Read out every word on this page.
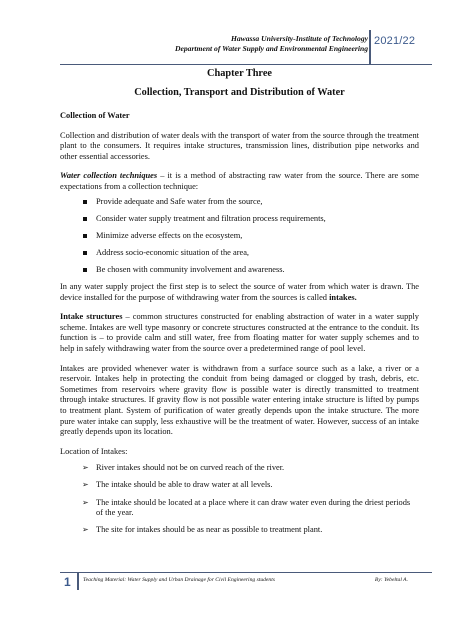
Hawassa University-Institute of Technology
Department of Water Supply and Environmental Engineering
2021/22
Chapter Three
Collection, Transport and Distribution of Water
Collection of Water

Collection and distribution of water deals with the transport of water from the source through the treatment plant to the consumers. It requires intake structures, transmission lines, distribution pipe networks and other essential accessories.

Water collection techniques – it is a method of abstracting raw water from the source. There are some expectations from a collection technique:

Provide adequate and Safe water from the source,
Consider water supply treatment and filtration process requirements,
Minimize adverse effects on the ecosystem,
Address socio-economic situation of the area,
Be chosen with community involvement and awareness.

In any water supply project the first step is to select the source of water from which water is drawn. The device installed for the purpose of withdrawing water from the sources is called intakes.

Intake structures – common structures constructed for enabling abstraction of water in a water supply scheme. Intakes are well type masonry or concrete structures constructed at the entrance to the conduit. Its function is – to provide calm and still water, free from floating matter for water supply schemes and to help in safely withdrawing water from the source over a predetermined range of pool level.

Intakes are provided whenever water is withdrawn from a surface source such as a lake, a river or a reservoir. Intakes help in protecting the conduit from being damaged or clogged by trash, debris, etc. Sometimes from reservoirs where gravity flow is possible water is directly transmitted to treatment through intake structures. If gravity flow is not possible water entering intake structure is lifted by pumps to treatment plant. System of purification of water greatly depends upon the intake structure. The more pure water intake can supply, less exhaustive will be the treatment of water. However, success of an intake greatly depends upon its location.

Location of Intakes:

➢ River intakes should not be on curved reach of the river.
➢ The intake should be able to draw water at all levels.
➢ The intake should be located at a place where it can draw water even during the driest periods of the year.
➢ The site for intakes should be as near as possible to treatment plant.
1 Teaching Material: Water Supply and Urban Drainage for Civil Engineering students	By: Yebeltal A.
